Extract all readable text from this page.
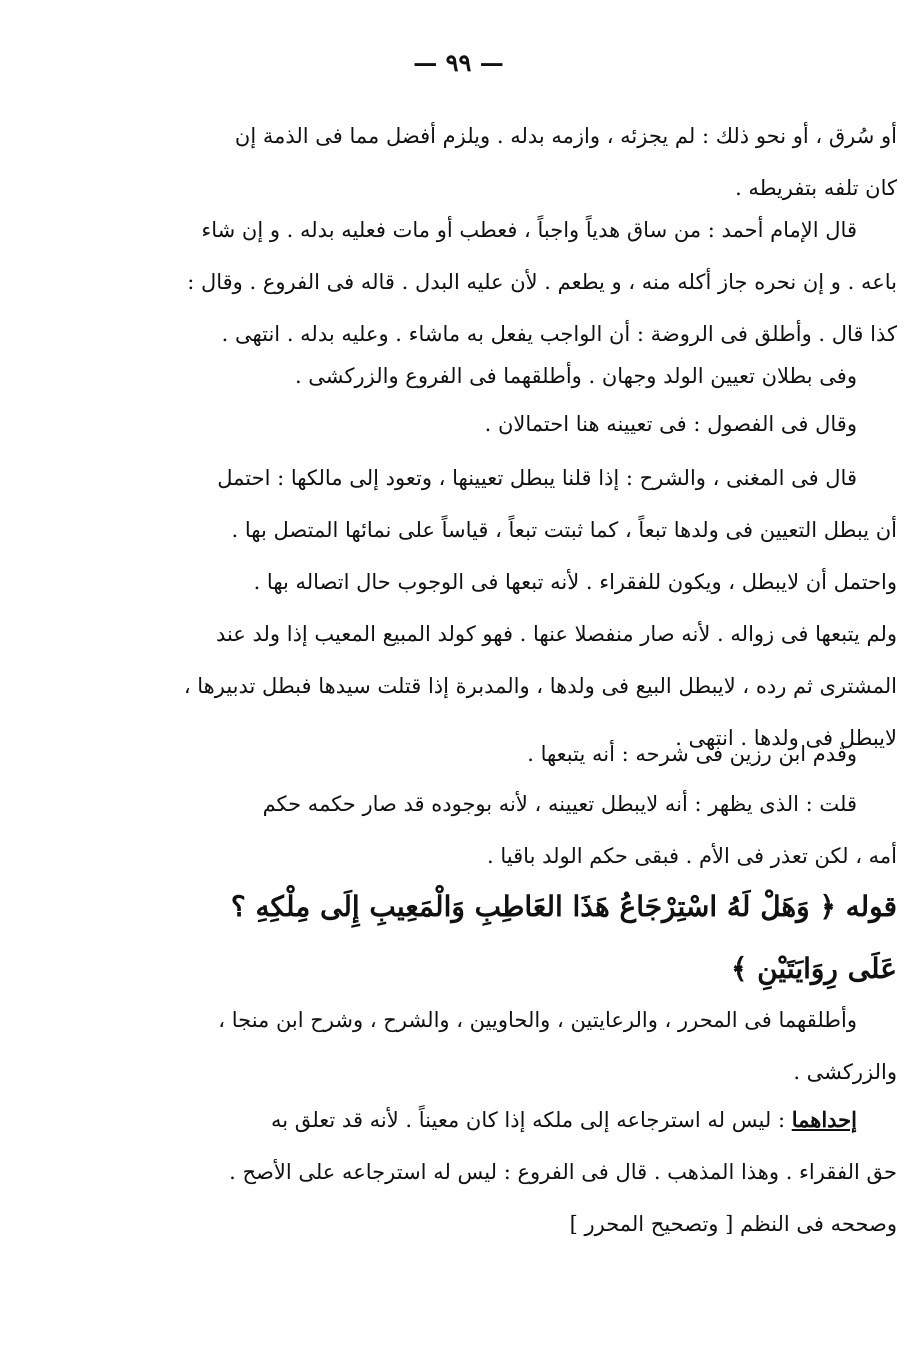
— ٩٩ —
أو سُرق ، أو نحو ذلك : لم يجزئه ، وازمه بدله . ويلزم أفضل مما فى الذمة إن
كان تلفه بتفريطه .
قال الإمام أحمد : من ساق هدياً واجباً ، فعطب أو مات فعليه بدله . و إن شاء
باعه . و إن نحره جاز أكله منه ، و يطعم . لأن عليه البدل . قاله فى الفروع . وقال :
كذا قال . وأطلق فى الروضة : أن الواجب يفعل به ماشاء . وعليه بدله . انتهى .
وفى بطلان تعيين الولد وجهان . وأطلقهما فى الفروع والزركشى .
وقال فى الفصول : فى تعيينه هنا احتمالان .
قال فى المغنى ، والشرح : إذا قلنا يبطل تعيينها ، وتعود إلى مالكها : احتمل
أن يبطل التعيين فى ولدها تبعاً ، كما ثبتت تبعاً ، قياساً على نمائها المتصل بها .
واحتمل أن لايبطل ، ويكون للفقراء . لأنه تبعها فى الوجوب حال اتصاله بها .
ولم يتبعها فى زواله . لأنه صار منفصلا عنها . فهو كولد المبيع المعيب إذا ولد عند
المشترى ثم رده ، لايبطل البيع فى ولدها ، والمدبرة إذا قتلت سيدها فبطل تدبيرها ،
لايبطل فى ولدها . انتهى .
وقدم ابن رزين فى شرحه : أنه يتبعها .
قلت : الذى يظهر : أنه لايبطل تعيينه ، لأنه بوجوده قد صار حكمه حكم
أمه ، لكن تعذر فى الأم . فبقى حكم الولد باقيا .
قوله ﴿ وَهَلْ لَهُ اسْتِرْجَاعُ هَذَا العَاطِبِ وَالْمَعِيبِ إِلَى مِلْكِهِ ؟
عَلَى رِوَايَتَيْنِ ﴾
وأطلقهما فى المحرر ، والرعايتين ، والحاويين ، والشرح ، وشرح ابن منجا ،
والزركشى .
إحداهما : ليس له استرجاعه إلى ملكه إذا كان معيناً . لأنه قد تعلق به
حق الفقراء . وهذا المذهب . قال فى الفروع : ليس له استرجاعه على الأصح .
وصححه فى النظم [ وتصحيح المحرر ]
